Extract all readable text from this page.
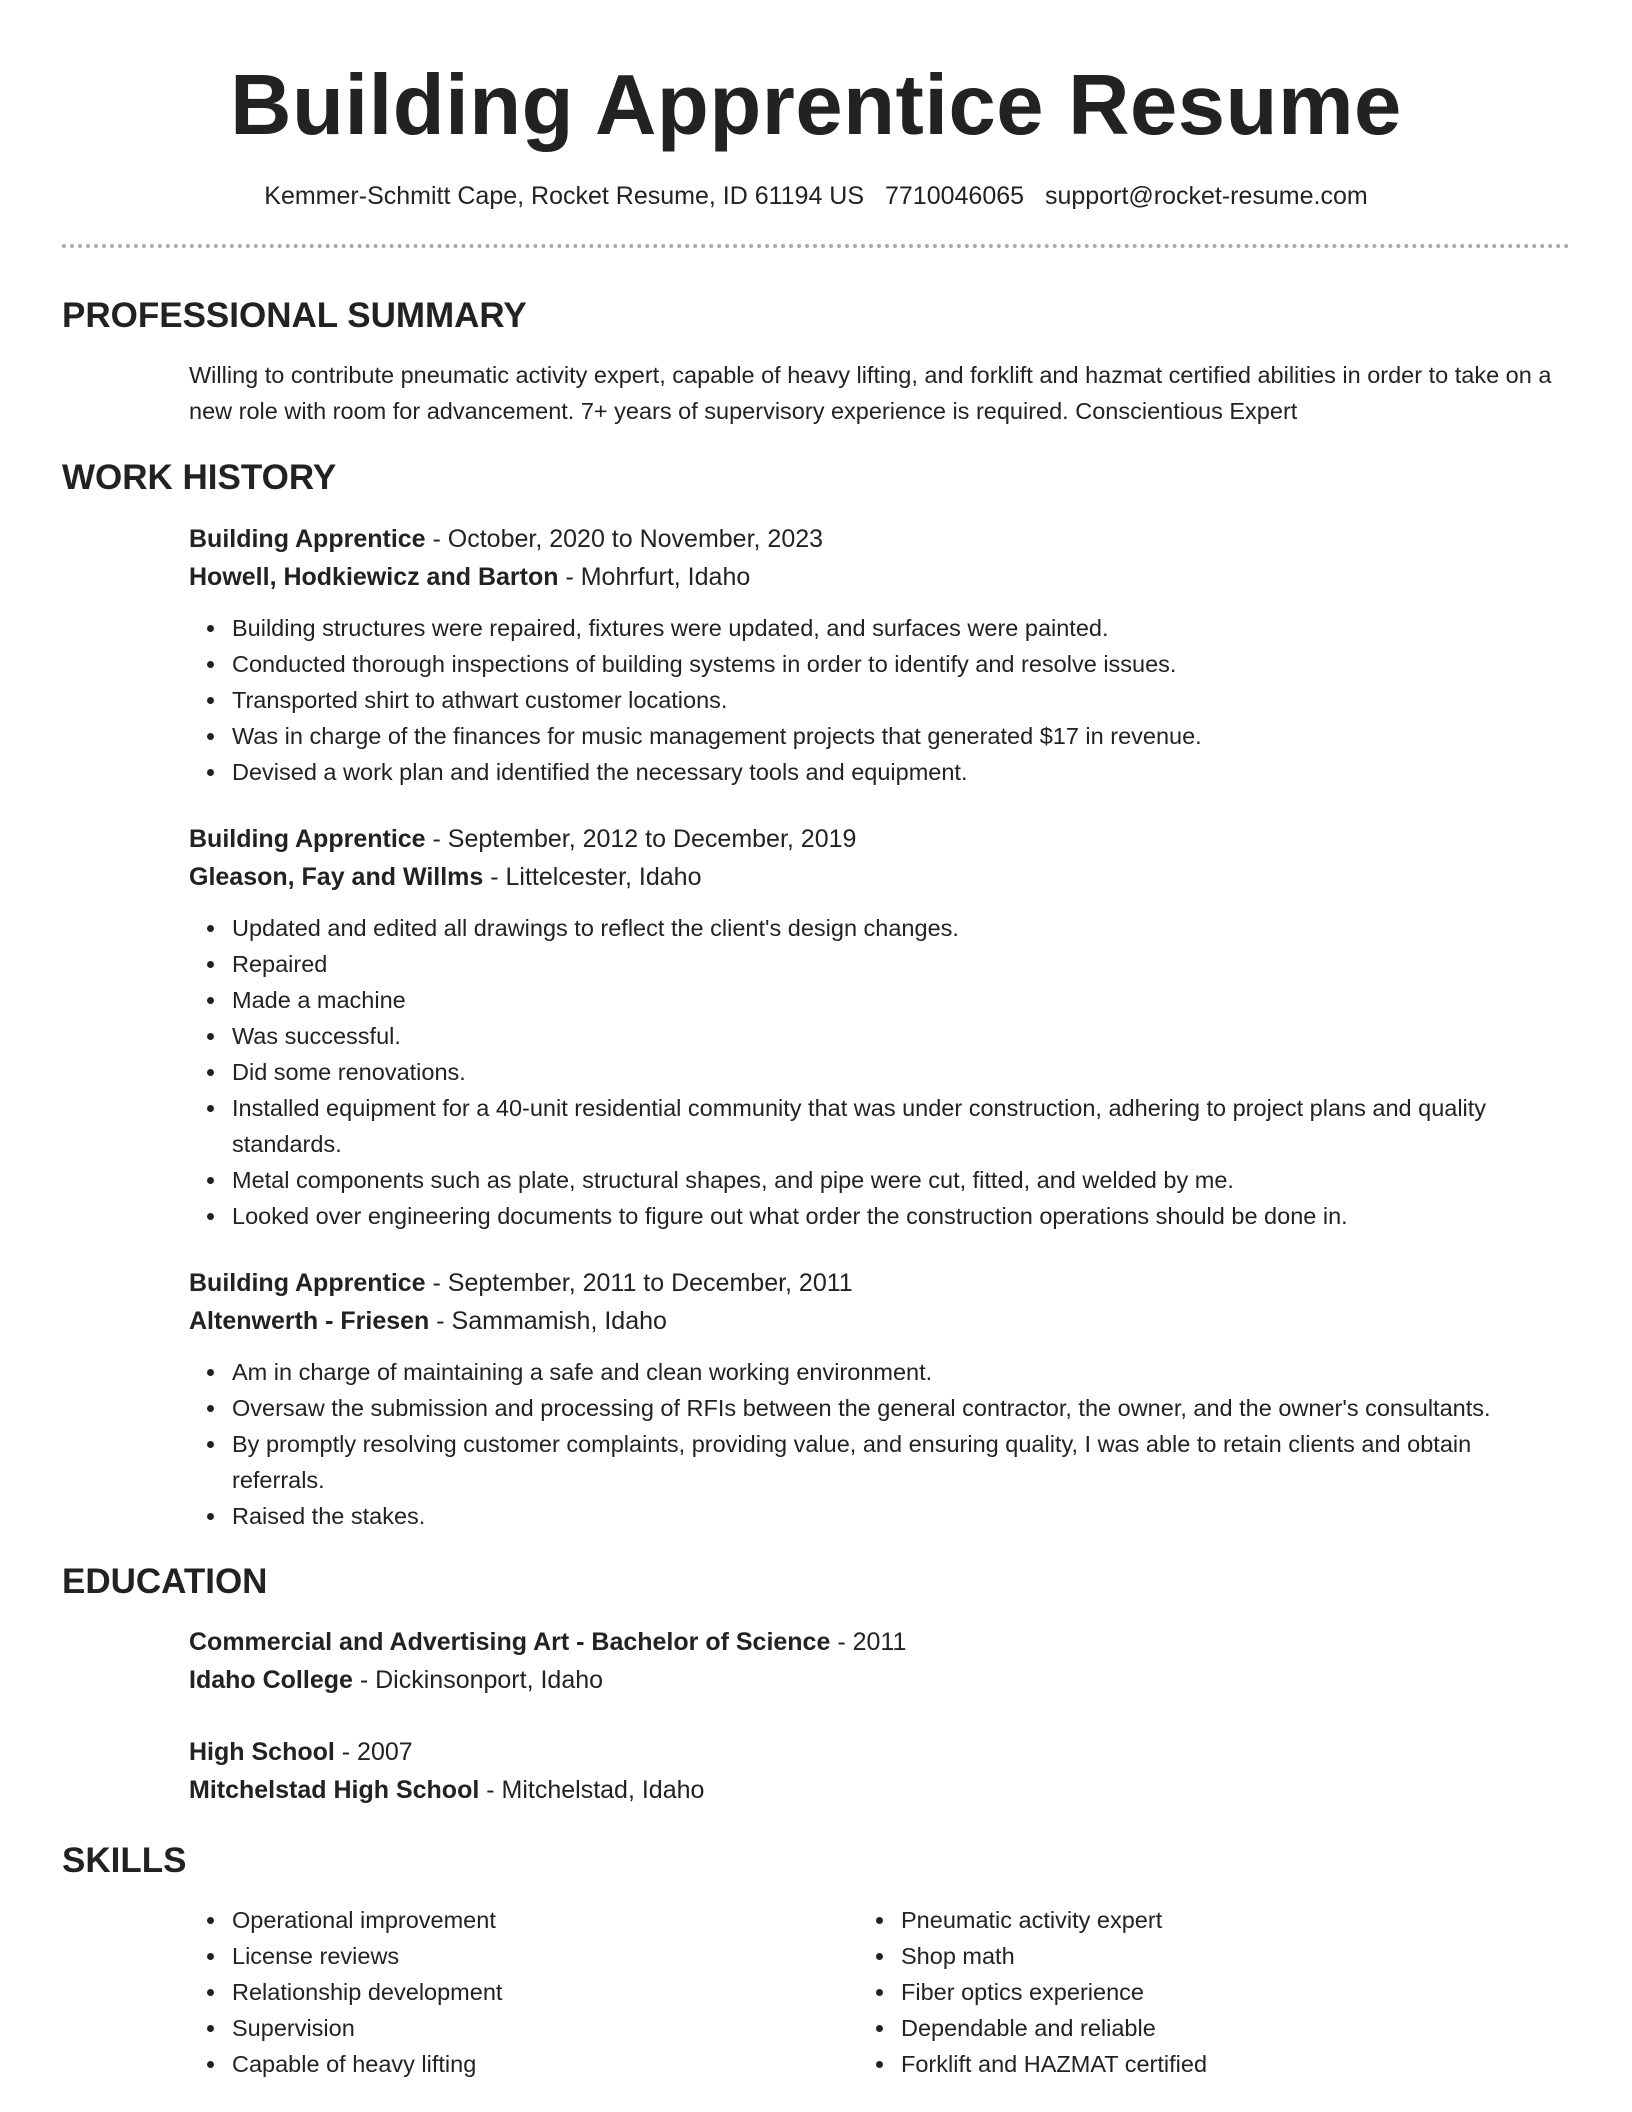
Building Apprentice Resume
Kemmer-Schmitt Cape, Rocket Resume, ID 61194 US 7710046065 support@rocket-resume.com
PROFESSIONAL SUMMARY

Willing to contribute pneumatic activity expert, capable of heavy lifting, and forklift and hazmat certified abilities in order to take on a new role with room for advancement. 7+ years of supervisory experience is required. Conscientious Expert

WORK HISTORY
Building Apprentice - October, 2020 to November, 2023
Howell, Hodkiewicz and Barton - Mohrfurt, Idaho
Building structures were repaired, fixtures were updated, and surfaces were painted.
Conducted thorough inspections of building systems in order to identify and resolve issues.
Transported shirt to athwart customer locations.
Was in charge of the finances for music management projects that generated $17 in revenue.
Devised a work plan and identified the necessary tools and equipment.
Building Apprentice - September, 2012 to December, 2019
Gleason, Fay and Willms - Littelcester, Idaho
Updated and edited all drawings to reflect the client's design changes.
Repaired
Made a machine
Was successful.
Did some renovations.
Installed equipment for a 40-unit residential community that was under construction, adhering to project plans and quality standards.
Metal components such as plate, structural shapes, and pipe were cut, fitted, and welded by me.
Looked over engineering documents to figure out what order the construction operations should be done in.
Building Apprentice - September, 2011 to December, 2011
Altenwerth - Friesen - Sammamish, Idaho
Am in charge of maintaining a safe and clean working environment.
Oversaw the submission and processing of RFIs between the general contractor, the owner, and the owner's consultants.
By promptly resolving customer complaints, providing value, and ensuring quality, I was able to retain clients and obtain referrals.
Raised the stakes.
EDUCATION
Commercial and Advertising Art - Bachelor of Science - 2011
Idaho College - Dickinsonport, Idaho
High School - 2007
Mitchelstad High School - Mitchelstad, Idaho
SKILLS
Operational improvement
License reviews
Relationship development
Supervision
Capable of heavy lifting
Pneumatic activity expert
Shop math
Fiber optics experience
Dependable and reliable
Forklift and HAZMAT certified
